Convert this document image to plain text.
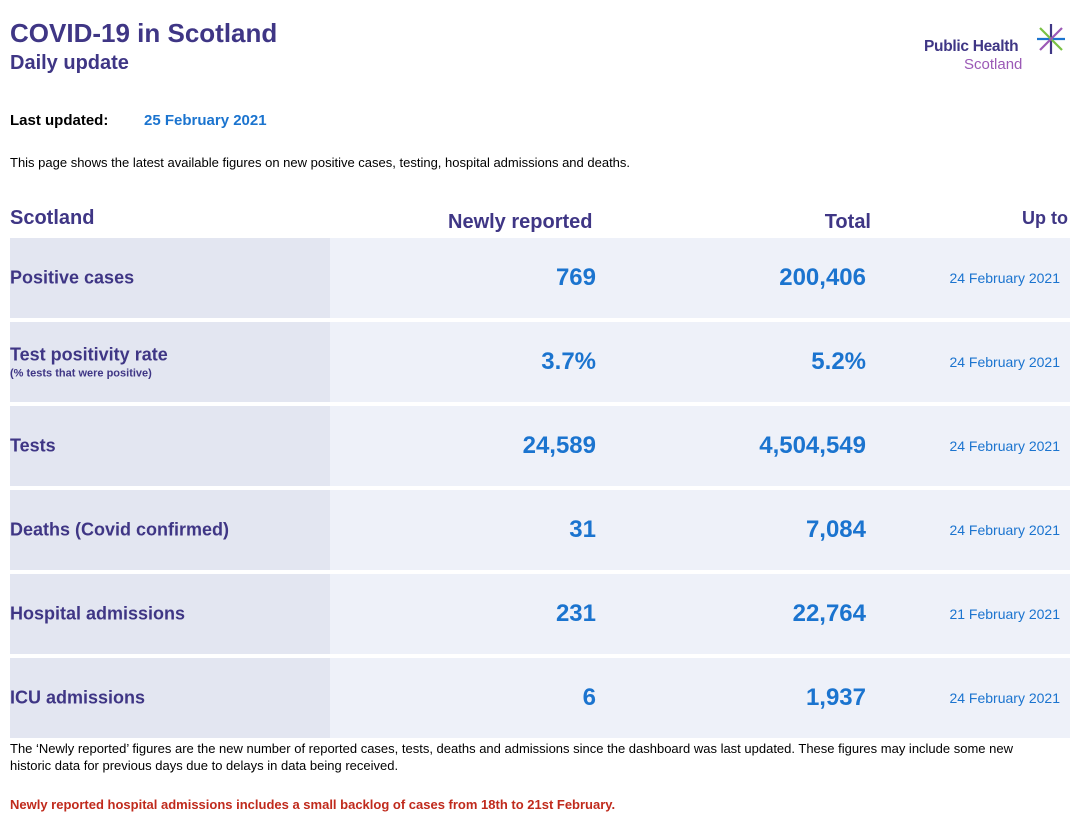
COVID-19 in Scotland
Daily update
Public Health
Scotland
Last updated: 25 February 2021
This page shows the latest available figures on new positive cases, testing, hospital admissions and deaths.
Scotland	Newly reported	Total	Up to
Positive cases	769	200,406	24 February 2021
Test positivity rate
(% tests that were positive)	3.7%	5.2%	24 February 2021
Tests	24,589	4,504,549	24 February 2021
Deaths (Covid confirmed)	31	7,084	24 February 2021
Hospital admissions	231	22,764	21 February 2021
ICU admissions	6	1,937	24 February 2021
The ‘Newly reported’ figures are the new number of reported cases, tests, deaths and admissions since the dashboard was last updated. These figures may include some new historic data for previous days due to delays in data being received.
Newly reported hospital admissions includes a small backlog of cases from 18th to 21st February.
